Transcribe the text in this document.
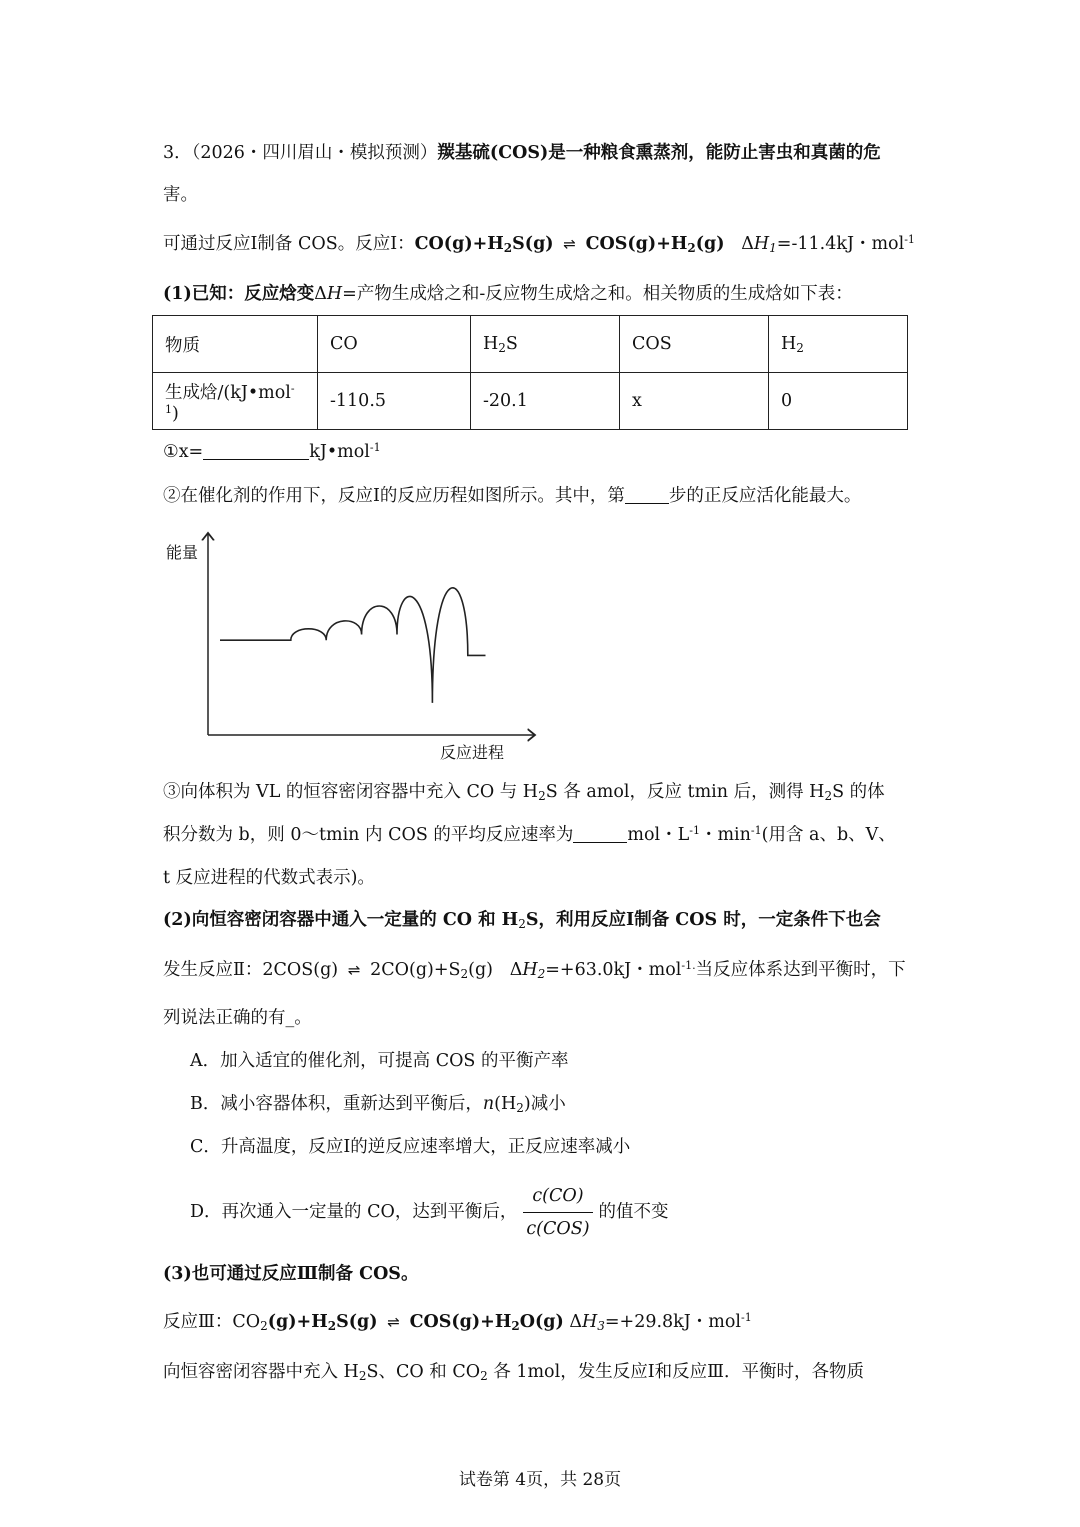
3．（2026・四川眉山・模拟预测）羰基硫(COS)是一种粮食熏蒸剂，能防止害虫和真菌的危
害。
可通过反应Ⅰ制备 COS。反应Ⅰ：$CO(g)+H_2S(g)$ ⇌ $COS(g)+H_2(g)$   $\Delta H_1=-11.4kJ$・mol$^{-1}$
(1)已知：反应焓变ΔH=产物生成焓之和-反应物生成焓之和。相关物质的生成焓如下表：
物质	CO	$H_2S$	COS	$H_2$
生成焓/(kJ•mol$^{-1}$)	-110.5	-20.1	x	0
①x=	kJ•mol$^{-1}$
②在催化剂的作用下，反应Ⅰ的反应历程如图所示。其中，第	步的正反应活化能最大。
能量
反应进程
③向体积为 VL 的恒容密闭容器中充入 CO 与 $H_2S$ 各 amol，反应 tmin 后，测得 $H_2S$ 的体
积分数为 b，则 0～tmin 内 COS 的平均反应速率为	mol・$L^{-1}$・$\min^{-1}$(用含 a、b、V、
t 反应进程的代数式表示)。
(2)向恒容密闭容器中通入一定量的 CO 和 $H_2S$，利用反应Ⅰ制备 COS 时，一定条件下也会
发生反应Ⅱ：2COS(g) ⇌ $2CO(g)+S_2(g)$   $\Delta H_2=+63.0kJ$・mol$^{-1.}$当反应体系达到平衡时，下
列说法正确的有_。
A．加入适宜的催化剂，可提高 COS 的平衡产率
B．减小容器体积，重新达到平衡后，$n(H_2)$减小
C．升高温度，反应Ⅰ的逆反应速率增大，正反应速率减小
D．再次通入一定量的 CO，达到平衡后， $\frac{c(CO)}{\text{c(COS)}}$ 的值不变
(3)也可通过反应Ⅲ制备 COS。
反应Ⅲ：$CO_2(g)+H_2S(g)$ ⇌ $COS(g)+H_2O(g)$ $\Delta H_3=+29.8kJ$・mol$^{-1}$
向恒容密闭容器中充入 $H_2S$、CO 和 $CO_2$ 各 1mol，发生反应Ⅰ和反应Ⅲ．平衡时，各物质
试卷第 4页，共 28页
